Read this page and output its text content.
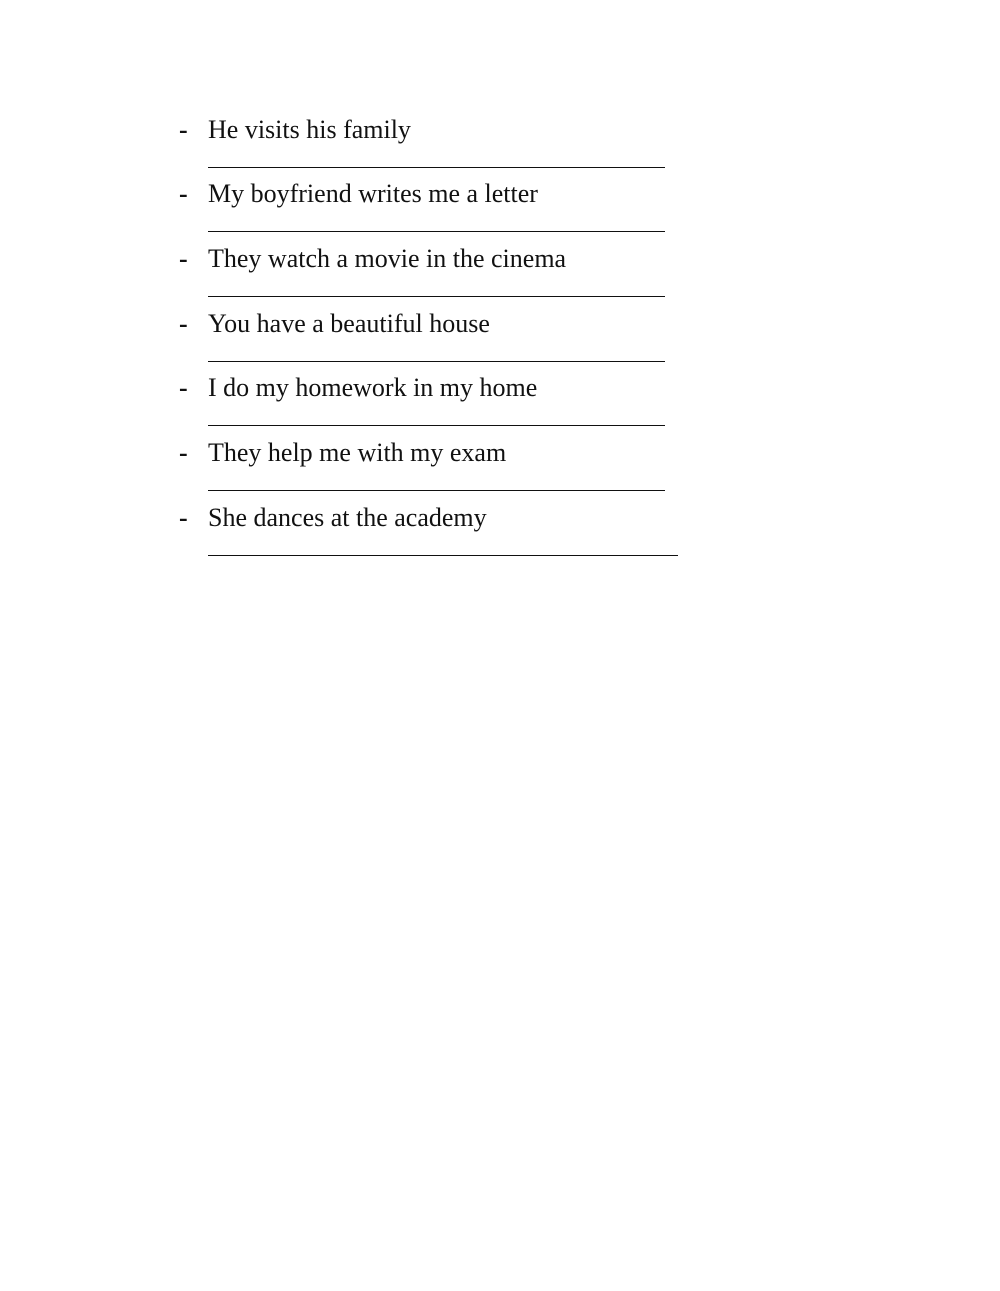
- He visits his family
- My boyfriend writes me a letter
- They watch a movie in the cinema
- You have a beautiful house
- I do my homework in my home
- They help me with my exam
- She dances at the academy
